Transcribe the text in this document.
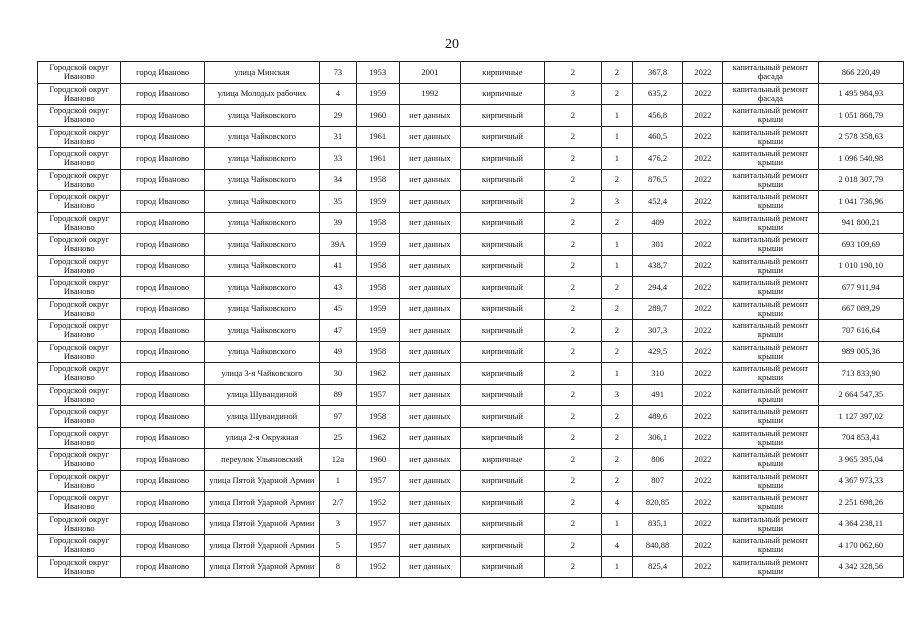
20
Городской округ Иваново	город Иваново	улица Минская	73	1953	2001	кирпичные	2	2	367,8	2022	капитальный ремонт фасада	866 220,49
Городской округ Иваново	город Иваново	улица Молодых рабочих	4	1959	1992	кирпичные	3	2	635,2	2022	капитальный ремонт фасада	1 495 984,93
Городской округ Иваново	город Иваново	улица Чайковского	29	1960	нет данных	кирпичный	2	1	456,8	2022	капитальный ремонт крыши	1 051 868,79
Городской округ Иваново	город Иваново	улица Чайковского	31	1961	нет данных	кирпичный	2	1	460,5	2022	капитальный ремонт крыши	2 578 358,63
Городской округ Иваново	город Иваново	улица Чайковского	33	1961	нет данных	кирпичный	2	1	476,2	2022	капитальный ремонт крыши	1 096 540,98
Городской округ Иваново	город Иваново	улица Чайковского	34	1958	нет данных	кирпичный	2	2	876,5	2022	капитальный ремонт крыши	2 018 307,79
Городской округ Иваново	город Иваново	улица Чайковского	35	1959	нет данных	кирпичный	2	3	452,4	2022	капитальный ремонт крыши	1 041 736,96
Городской округ Иваново	город Иваново	улица Чайковского	39	1958	нет данных	кирпичный	2	2	409	2022	капитальный ремонт крыши	941 800,21
Городской округ Иваново	город Иваново	улица Чайковского	39А	1959	нет данных	кирпичный	2	1	301	2022	капитальный ремонт крыши	693 109,69
Городской округ Иваново	город Иваново	улица Чайковского	41	1958	нет данных	кирпичный	2	1	438,7	2022	капитальный ремонт крыши	1 010 190,10
Городской округ Иваново	город Иваново	улица Чайковского	43	1958	нет данных	кирпичный	2	2	294,4	2022	капитальный ремонт крыши	677 911,94
Городской округ Иваново	город Иваново	улица Чайковского	45	1959	нет данных	кирпичный	2	2	289,7	2022	капитальный ремонт крыши	667 089,29
Городской округ Иваново	город Иваново	улица Чайковского	47	1959	нет данных	кирпичный	2	2	307,3	2022	капитальный ремонт крыши	707 616,64
Городской округ Иваново	город Иваново	улица Чайковского	49	1958	нет данных	кирпичный	2	2	429,5	2022	капитальный ремонт крыши	989 005,36
Городской округ Иваново	город Иваново	улица 3-я Чайковского	30	1962	нет данных	кирпичный	2	1	310	2022	капитальный ремонт крыши	713 833,90
Городской округ Иваново	город Иваново	улица Шувандиной	89	1957	нет данных	кирпичный	2	3	491	2022	капитальный ремонт крыши	2 664 547,35
Городской округ Иваново	город Иваново	улица Шувандиной	97	1958	нет данных	кирпичный	2	2	489,6	2022	капитальный ремонт крыши	1 127 397,02
Городской округ Иваново	город Иваново	улица 2-я Окружная	25	1962	нет данных	кирпичный	2	2	306,1	2022	капитальный ремонт крыши	704 853,41
Городской округ Иваново	город Иваново	переулок Ульяновский	12а	1960	нет данных	кирпичные	2	2	806	2022	капитальный ремонт крыши	3 965 395,04
Городской округ Иваново	город Иваново	улица Пятой Ударной Армии	1	1957	нет данных	кирпичный	2	2	807	2022	капитальный ремонт крыши	4 367 973,33
Городской округ Иваново	город Иваново	улица Пятой Ударной Армии	2/7	1952	нет данных	кирпичный	2	4	820,85	2022	капитальный ремонт крыши	2 251 698,26
Городской округ Иваново	город Иваново	улица Пятой Ударной Армии	3	1957	нет данных	кирпичный	2	1	835,1	2022	капитальный ремонт крыши	4 364 238,11
Городской округ Иваново	город Иваново	улица Пятой Ударной Армии	5	1957	нет данных	кирпичный	2	4	840,88	2022	капитальный ремонт крыши	4 170 062,60
Городской округ Иваново	город Иваново	улица Пятой Ударной Армии	8	1952	нет данных	кирпичный	2	1	825,4	2022	капитальный ремонт крыши	4 342 328,56
